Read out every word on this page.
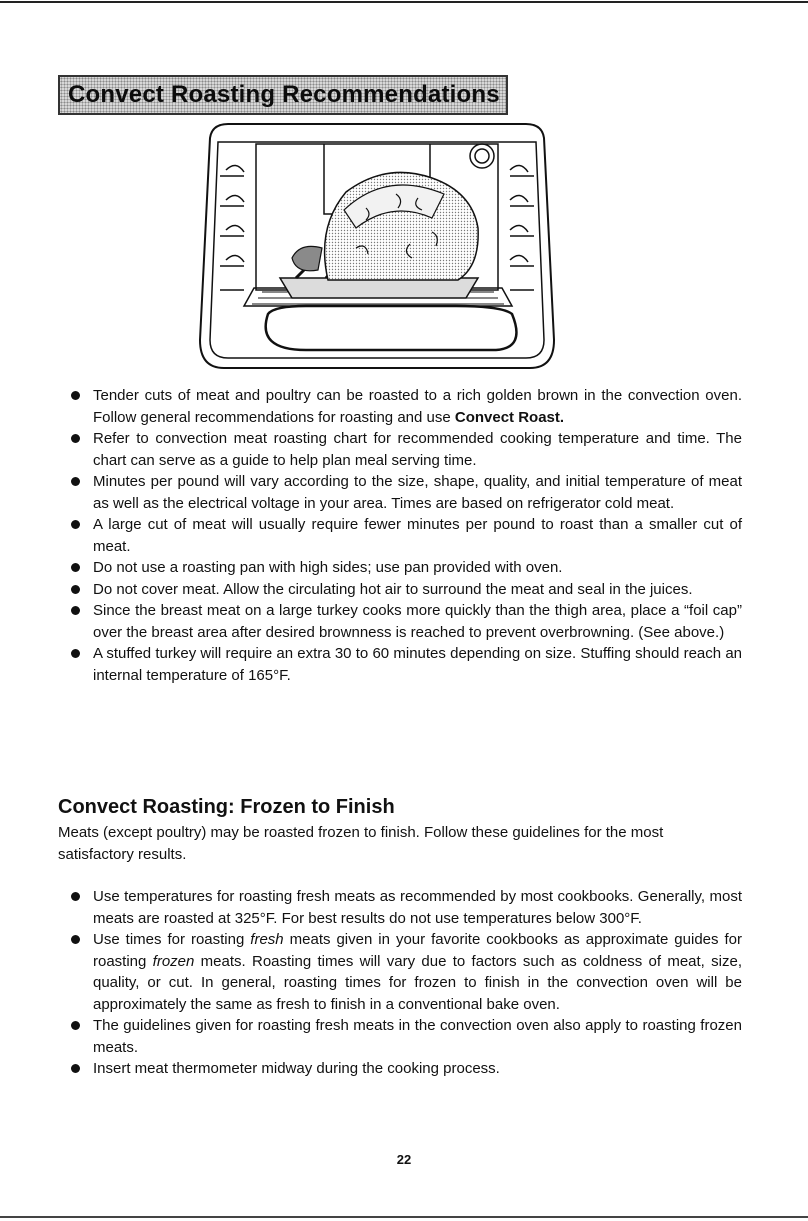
Convect Roasting Recommendations
Tender cuts of meat and poultry can be roasted to a rich golden brown in the convection oven. Follow general recommendations for roasting and use Convect Roast.
Refer to convection meat roasting chart for recommended cooking temperature and time. The chart can serve as a guide to help plan meal serving time.
Minutes per pound will vary according to the size, shape, quality, and initial temperature of meat as well as the electrical voltage in your area. Times are based on refrigerator cold meat.
A large cut of meat will usually require fewer minutes per pound to roast than a smaller cut of meat.
Do not use a roasting pan with high sides; use pan provided with oven.
Do not cover meat. Allow the circulating hot air to surround the meat and seal in the juices.
Since the breast meat on a large turkey cooks more quickly than the thigh area, place a “foil cap” over the breast area after desired brownness is reached to prevent overbrowning. (See above.)
A stuffed turkey will require an extra 30 to 60 minutes depending on size. Stuffing should reach an internal temperature of 165°F.
Convect Roasting: Frozen to Finish

Meats (except poultry) may be roasted frozen to finish. Follow these guidelines for the most satisfactory results.

Use temperatures for roasting fresh meats as recommended by most cookbooks. Generally, most meats are roasted at 325°F. For best results do not use temperatures below 300°F.
Use times for roasting fresh meats given in your favorite cookbooks as approximate guides for roasting frozen meats. Roasting times will vary due to factors such as coldness of meat, size, quality, or cut. In general, roasting times for frozen to finish in the convection oven will be approximately the same as fresh to finish in a conventional bake oven.
The guidelines given for roasting fresh meats in the convection oven also apply to roasting frozen meats.
Insert meat thermometer midway during the cooking process.
22
